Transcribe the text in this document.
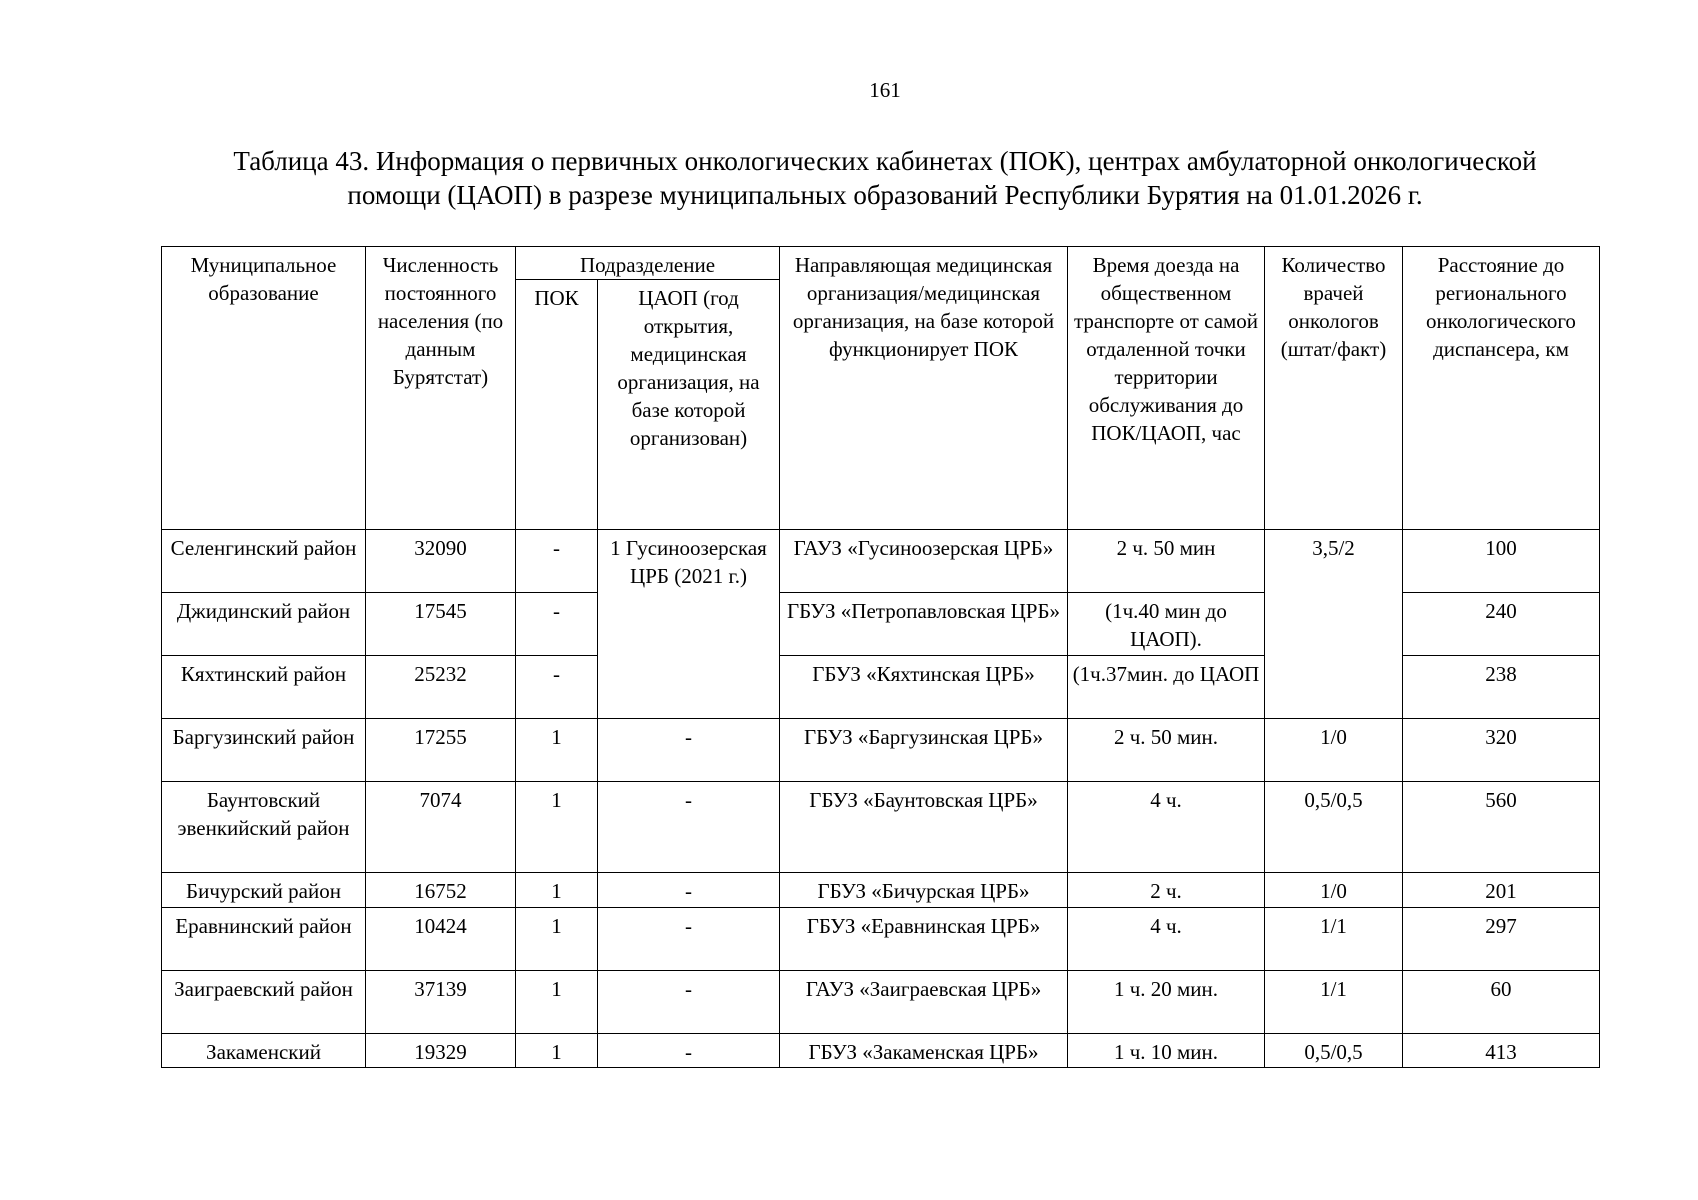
161
Таблица 43. Информация о первичных онкологических кабинетах (ПОК), центрах амбулаторной онкологической
помощи (ЦАОП) в разрезе муниципальных образований Республики Бурятия на 01.01.2026 г.
Муниципальное образование	Численность постоянного населения (по данным Бурятстат)	Подразделение		Направляющая медицинская организация/медицинская организация, на базе которой функционирует ПОК	Время доезда на общественном транспорте от самой отдаленной точки территории обслуживания до ПОК/ЦАОП, час	Количество врачей онкологов (штат/факт)	Расстояние до регионального онкологического диспансера, км
		ПОК	ЦАОП (год открытия, медицинская организация, на базе которой организован)				
Селенгинский район	32090	-	1 Гусиноозерская ЦРБ (2021 г.)	ГАУЗ «Гусиноозерская ЦРБ»	2 ч. 50 мин	3,5/2	100
Джидинский район	17545	-		ГБУЗ «Петропавловская ЦРБ»	(1ч.40 мин до ЦАОП).		240
Кяхтинский район	25232	-		ГБУЗ «Кяхтинская ЦРБ»	(1ч.37мин. до ЦАОП		238
Баргузинский район	17255	1	-	ГБУЗ «Баргузинская ЦРБ»	2 ч. 50 мин.	1/0	320
Баунтовский эвенкийский район	7074	1	-	ГБУЗ «Баунтовская ЦРБ»	4 ч.	0,5/0,5	560
Бичурский район	16752	1	-	ГБУЗ «Бичурская ЦРБ»	2 ч.	1/0	201
Еравнинский район	10424	1	-	ГБУЗ «Еравнинская ЦРБ»	4 ч.	1/1	297
Заиграевский район	37139	1	-	ГАУЗ «Заиграевская ЦРБ»	1 ч. 20 мин.	1/1	60
Закаменский	19329	1	-	ГБУЗ «Закаменская ЦРБ»	1 ч. 10 мин.	0,5/0,5	413
